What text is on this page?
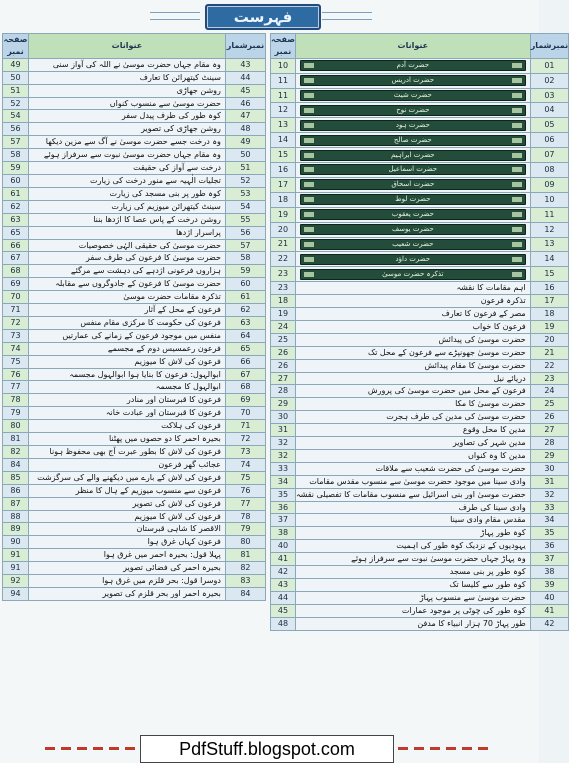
فہرست
صفحہ نمبر	عنوانات	نمبرشمار
49	وہ مقام جہاں حضرت موسیٰ نے اللہ کی آواز سنی	43
50	سینٹ کیتھرائن کا تعارف	44
51	روشن جھاڑی	45
52	حضرت موسیٰ سے منسوب کنواں	46
54	کوہ طور کی طرف پیدل سفر	47
56	روشن جھاڑی کی تصویر	48
57	وہ درخت جسے حضرت موسیٰ نے آگ سے مزین دیکھا	49
58	وہ مقام جہاں حضرت موسیٰ نبوت سے سرفراز ہوئے	50
59	درخت سے آواز کی حقیقت	51
60	تجلیات الٰہیہ سے منور درخت کی زیارت	52
61	کوہ طور پر بنی مسجد کی زیارت	53
62	سینٹ کیتھرائن میوزیم کی زیارت	54
63	روشن درخت کے پاس عصا کا اژدھا بننا	55
65	پراسرار اژدھا	56
66	حضرت موسیٰ کی حقیقی الہٰی خصوصیات	57
67	حضرت موسیٰ کا فرعون کی طرف سفر	58
68	ہزاروں فرعونی اژدہے کی دہشت سے مرگئے	59
69	حضرت موسیٰ کا فرعون کے جادوگروں سے مقابلہ	60
70	تذکرہ مقامات حضرت موسیٰ	61
71	فرعون کے محل کے آثار	62
72	فرعون کی حکومت کا مرکزی مقام منفس	63
73	منفس میں موجود فرعون کے زمانے کی عمارتیں	64
74	فرعون رعمسیس دوم کے مجسمے	65
75	فرعون کی لاش کا میوزیم	66
76	ابوالہول: فرعون کا بنایا ہوا ابوالہول مجسمہ	67
77	ابوالہول کا مجسمہ	68
78	فرعون کا قبرستان اور منادر	69
79	فرعون کا قبرستان اور عبادت خانہ	70
80	فرعون کی ہلاکت	71
81	بحیرہ احمر کا دو حصوں میں پھٹنا	72
82	فرعون کی لاش کا بطور عبرت آج بھی محفوظ ہونا	73
84	عجائب گھر فرعون	74
85	فرعون کی لاش کے بارے میں دیکھنے والے کی سرگزشت	75
86	فرعون سے منسوب میوزیم کے ہال کا منظر	76
87	فرعون کی لاش کی تصویر	77
88	فرعون کی لاش کا میوزیم	78
89	الاقصر کا شاہی قبرستان	79
90	فرعون کہاں غرق ہوا	80
91	پہلا قول: بحیرہ احمر میں غرق ہوا	81
91	بحیرہ احمر کی فضائی تصویر	82
92	دوسرا قول: بحر قلزم میں غرق ہوا	83
94	بحیرہ احمر اور بحر قلزم کی تصویر	84
صفحہ نمبر	عنوانات	نمبرشمار
10	حضرت آدم	01
11	حضرت ادریس	02
11	حضرت شیث	03
12	حضرت نوح	04
13	حضرت ہود	05
14	حضرت صالح	06
15	حضرت ابراہیم	07
16	حضرت اسماعیل	08
17	حضرت اسحاق	09
18	حضرت لوط	10
19	حضرت یعقوب	11
20	حضرت یوسف	12
21	حضرت شعیب	13
22	حضرت داؤد	14
23	تذکرہ حضرت موسیٰ	15
23	اہم مقامات کا نقشہ	16
18	تذکرہ فرعون	17
19	مصر کے فرعون کا تعارف	18
24	فرعون کا خواب	19
25	حضرت موسیٰ کی پیدائش	20
26	حضرت موسیٰ جھونپڑے سے فرعون کے محل تک	21
26	حضرت موسیٰ کا مقام پیدائش	22
27	دریائے نیل	23
28	فرعون کے محل میں حضرت موسیٰ کی پرورش	24
29	حضرت موسیٰ کا مکا	25
30	حضرت موسیٰ کی مدین کی طرف ہجرت	26
31	مدین کا محل وقوع	27
32	مدین شہر کی تصاویر	28
32	مدین کا وہ کنواں	29
33	حضرت موسیٰ کی حضرت شعیب سے ملاقات	30
34	وادی سینا میں موجود حضرت موسیٰ سے منسوب مقدس مقامات	31
35	حضرت موسیٰ اور بنی اسرائیل سے منسوب مقامات کا تفصیلی نقشہ	32
36	وادی سینا کی طرف	33
37	مقدس مقام وادی سینا	34
38	کوہ طور پہاڑ	35
40	یہودیوں کے نزدیک کوہ طور کی اہمیت	36
41	وہ پہاڑ جہاں حضرت موسیٰ نبوت سے سرفراز ہوئے	37
42	کوہ طور پر بنی مسجد	38
43	کوہ طور سے کلیسا تک	39
44	حضرت موسیٰ سے منسوب پہاڑ	40
45	کوہ طور کی چوٹی پر موجود عمارات	41
48	طور پہاڑ 70 ہزار انبیاء کا مدفن	42
PdfStuff.blogspot.com
